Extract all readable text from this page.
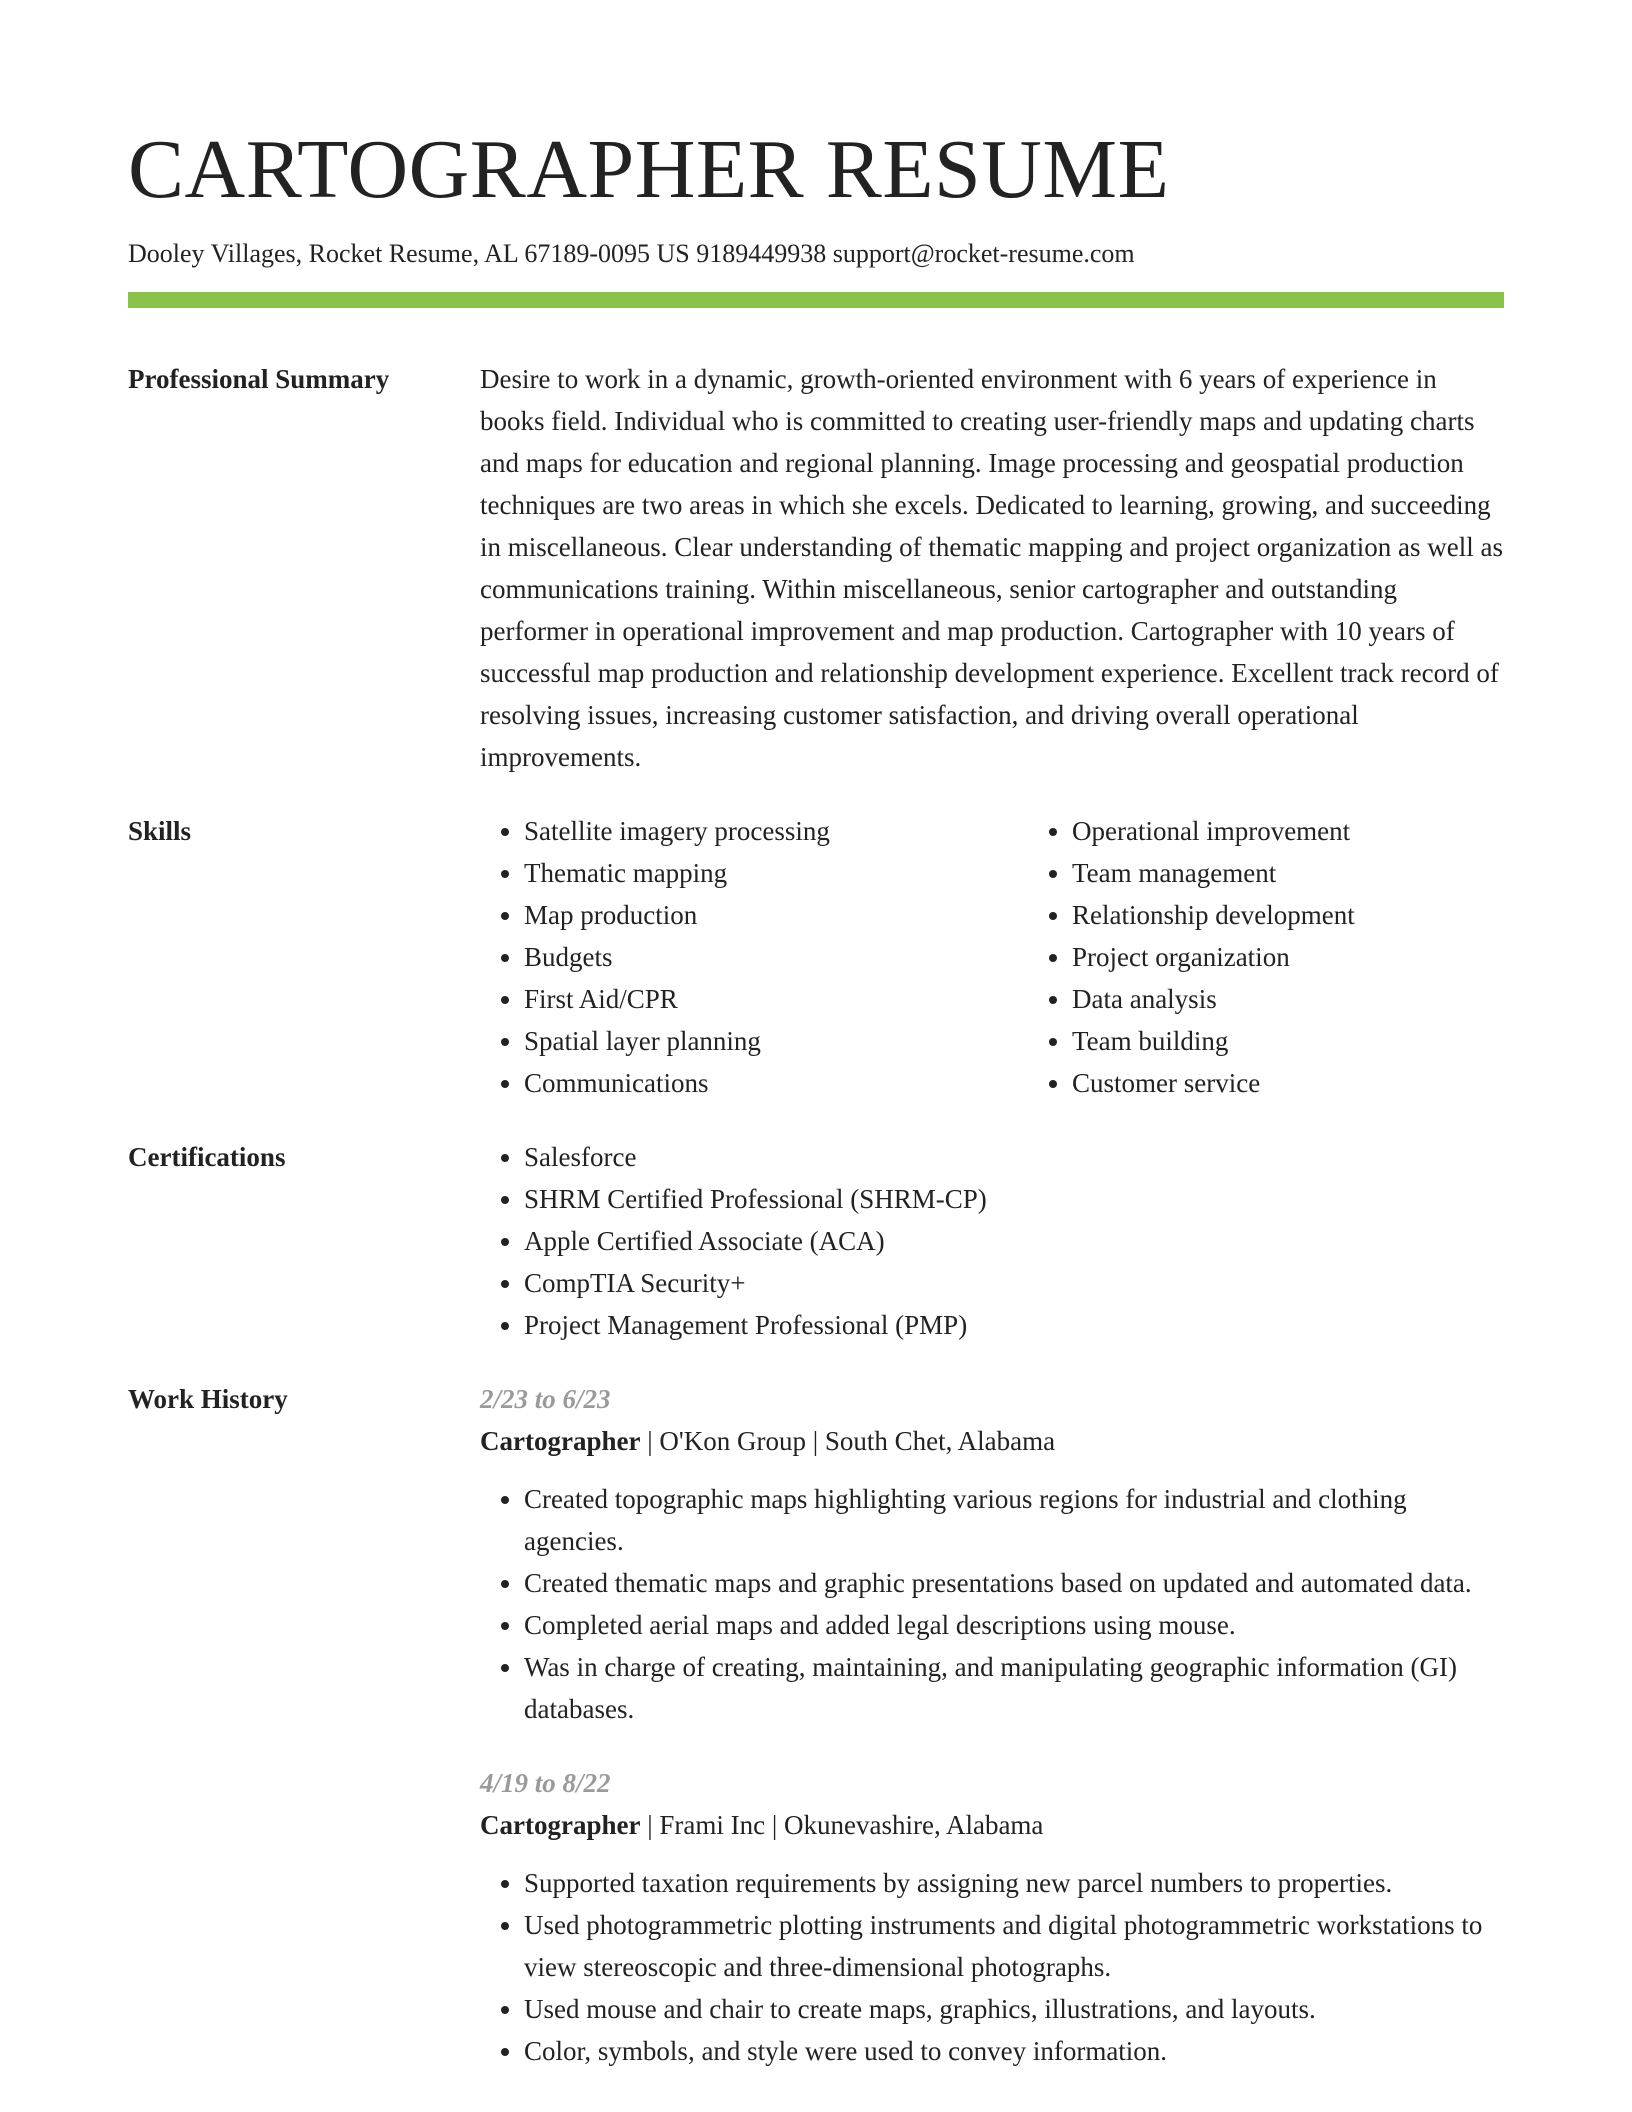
CARTOGRAPHER RESUME
Dooley Villages, Rocket Resume, AL 67189-0095 US 9189449938 support@rocket-resume.com
Professional Summary	Desire to work in a dynamic, growth-oriented environment with 6 years of experience in books field. Individual who is committed to creating user-friendly maps and updating charts and maps for education and regional planning. Image processing and geospatial production techniques are two areas in which she excels. Dedicated to learning, growing, and succeeding in miscellaneous. Clear understanding of thematic mapping and project organization as well as communications training. Within miscellaneous, senior cartographer and outstanding performer in operational improvement and map production. Cartographer with 10 years of successful map production and relationship development experience. Excellent track record of resolving issues, increasing customer satisfaction, and driving overall operational improvements.

Skills	• Satellite imagery processing
• Thematic mapping
• Map production
• Budgets
• First Aid/CPR
• Spatial layer planning
• Communications
• Operational improvement
• Team management
• Relationship development
• Project organization
• Data analysis
• Team building
• Customer service
Certifications	• Salesforce
• SHRM Certified Professional (SHRM-CP)
• Apple Certified Associate (ACA)
• CompTIA Security+
• Project Management Professional (PMP)
Work History	2/23 to 6/23
Cartographer | O'Kon Group | South Chet, Alabama
• Created topographic maps highlighting various regions for industrial and clothing agencies.
• Created thematic maps and graphic presentations based on updated and automated data.
• Completed aerial maps and added legal descriptions using mouse.
• Was in charge of creating, maintaining, and manipulating geographic information (GI) databases.
4/19 to 8/22
Cartographer | Frami Inc | Okunevashire, Alabama
• Supported taxation requirements by assigning new parcel numbers to properties.
• Used photogrammetric plotting instruments and digital photogrammetric workstations to view stereoscopic and three-dimensional photographs.
• Used mouse and chair to create maps, graphics, illustrations, and layouts.
• Color, symbols, and style were used to convey information.
